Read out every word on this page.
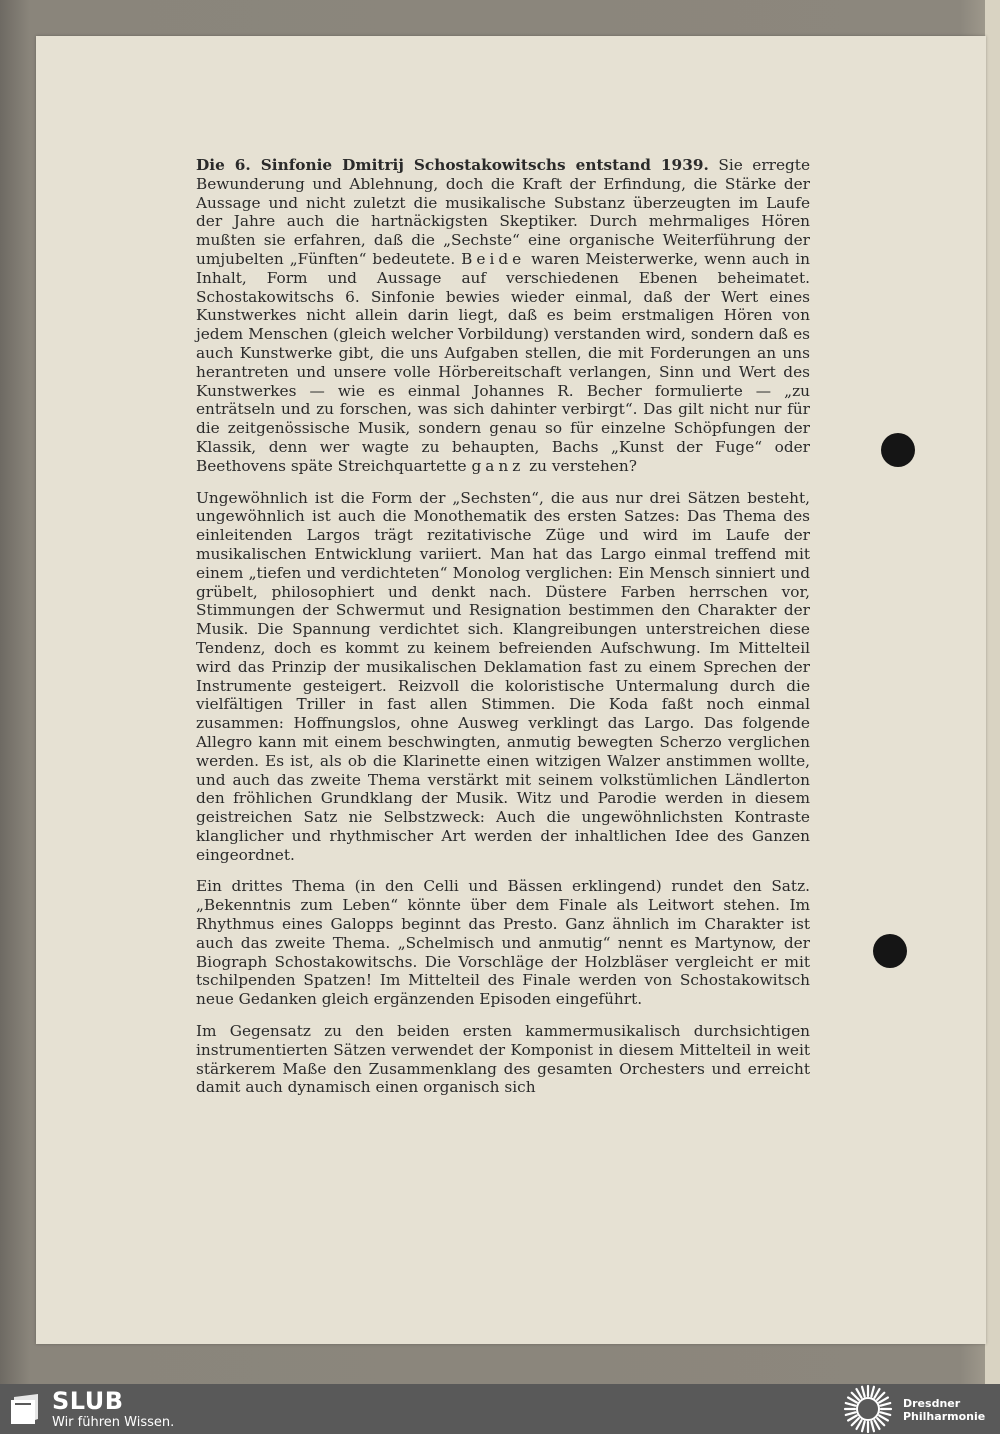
Die 6. Sinfonie Dmitrij Schostakowitschs entstand 1939. Sie erregte Bewunderung und Ablehnung, doch die Kraft der Erfindung, die Stärke der Aussage und nicht zuletzt die musikalische Substanz überzeugten im Laufe der Jahre auch die hartnäckigsten Skeptiker. Durch mehrmaliges Hören mußten sie erfahren, daß die „Sechste“ eine organische Weiterführung der umjubelten „Fünften“ bedeutete. Beide waren Meisterwerke, wenn auch in Inhalt, Form und Aussage auf verschiedenen Ebenen beheimatet. Schostakowitschs 6. Sinfonie bewies wieder einmal, daß der Wert eines Kunstwerkes nicht allein darin liegt, daß es beim erstmaligen Hören von jedem Menschen (gleich welcher Vorbildung) verstanden wird, sondern daß es auch Kunstwerke gibt, die uns Aufgaben stellen, die mit Forderungen an uns herantreten und unsere volle Hörbereitschaft verlangen, Sinn und Wert des Kunstwerkes — wie es einmal Johannes R. Becher formulierte — „zu enträtseln und zu forschen, was sich dahinter verbirgt“. Das gilt nicht nur für die zeitgenössische Musik, sondern genau so für einzelne Schöpfungen der Klassik, denn wer wagte zu behaupten, Bachs „Kunst der Fuge“ oder Beethovens späte Streichquartette ganz zu verstehen?

Ungewöhnlich ist die Form der „Sechsten“, die aus nur drei Sätzen besteht, ungewöhnlich ist auch die Monothematik des ersten Satzes: Das Thema des einleitenden Largos trägt rezitativische Züge und wird im Laufe der musikalischen Entwicklung variiert. Man hat das Largo einmal treffend mit einem „tiefen und verdichteten“ Monolog verglichen: Ein Mensch sinniert und grübelt, philosophiert und denkt nach. Düstere Farben herrschen vor, Stimmungen der Schwermut und Resignation bestimmen den Charakter der Musik. Die Spannung verdichtet sich. Klangreibungen unterstreichen diese Tendenz, doch es kommt zu keinem befreienden Aufschwung. Im Mittelteil wird das Prinzip der musikalischen Deklamation fast zu einem Sprechen der Instrumente gesteigert. Reizvoll die koloristische Untermalung durch die vielfältigen Triller in fast allen Stimmen. Die Koda faßt noch einmal zusammen: Hoffnungslos, ohne Ausweg verklingt das Largo. Das folgende Allegro kann mit einem beschwingten, anmutig bewegten Scherzo verglichen werden. Es ist, als ob die Klarinette einen witzigen Walzer anstimmen wollte, und auch das zweite Thema verstärkt mit seinem volkstümlichen Ländlerton den fröhlichen Grundklang der Musik. Witz und Parodie werden in diesem geistreichen Satz nie Selbstzweck: Auch die ungewöhnlichsten Kontraste klanglicher und rhythmischer Art werden der inhaltlichen Idee des Ganzen eingeordnet.

Ein drittes Thema (in den Celli und Bässen erklingend) rundet den Satz. „Bekenntnis zum Leben“ könnte über dem Finale als Leitwort stehen. Im Rhythmus eines Galopps beginnt das Presto. Ganz ähnlich im Charakter ist auch das zweite Thema. „Schelmisch und anmutig“ nennt es Martynow, der Biograph Schostakowitschs. Die Vorschläge der Holzbläser vergleicht er mit tschilpenden Spatzen! Im Mittelteil des Finale werden von Schostakowitsch neue Gedanken gleich ergänzenden Episoden eingeführt.

Im Gegensatz zu den beiden ersten kammermusikalisch durchsichtigen instrumentierten Sätzen verwendet der Komponist in diesem Mittelteil in weit stärkerem Maße den Zusammenklang des gesamten Orchesters und erreicht damit auch dynamisch einen organisch sich

SLUB
Wir führen Wissen.
Dresdner
Philharmonie
